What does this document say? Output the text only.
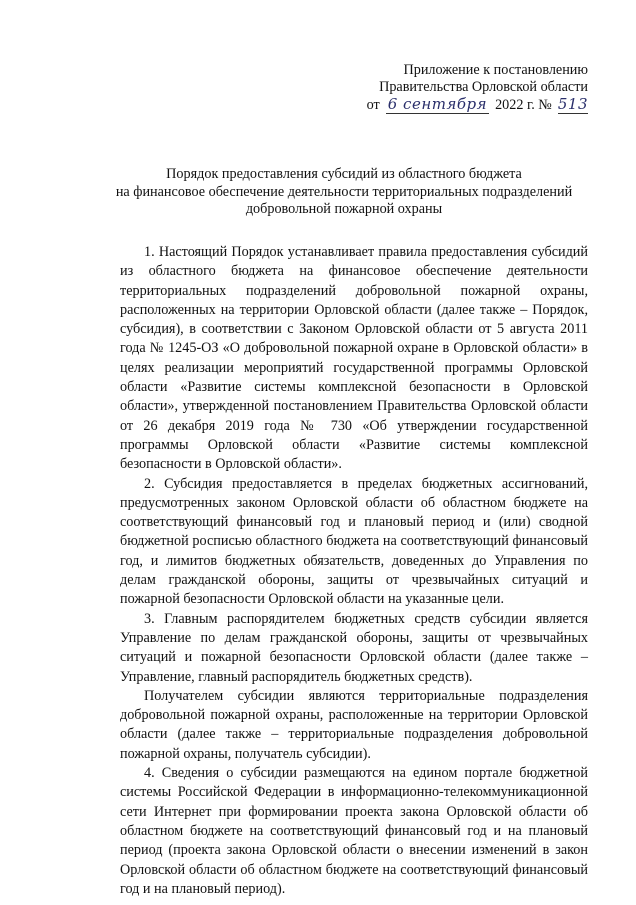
Приложение к постановлению
Правительства Орловской области
от 6 сентября 2022 г. № 513
Порядок предоставления субсидий из областного бюджета
на финансовое обеспечение деятельности территориальных подразделений
добровольной пожарной охраны

1. Настоящий Порядок устанавливает правила предоставления субсидий из областного бюджета на финансовое обеспечение деятельности территориальных подразделений добровольной пожарной охраны, расположенных на территории Орловской области (далее также – Порядок, субсидия), в соответствии с Законом Орловской области от 5 августа 2011 года № 1245-ОЗ «О добровольной пожарной охране в Орловской области» в целях реализации мероприятий государственной программы Орловской области «Развитие системы комплексной безопасности в Орловской области», утвержденной постановлением Правительства Орловской области от 26 декабря 2019 года № 730 «Об утверждении государственной программы Орловской области «Развитие системы комплексной безопасности в Орловской области».

2. Субсидия предоставляется в пределах бюджетных ассигнований, предусмотренных законом Орловской области об областном бюджете на соответствующий финансовый год и плановый период и (или) сводной бюджетной росписью областного бюджета на соответствующий финансовый год, и лимитов бюджетных обязательств, доведенных до Управления по делам гражданской обороны, защиты от чрезвычайных ситуаций и пожарной безопасности Орловской области на указанные цели.

3. Главным распорядителем бюджетных средств субсидии является Управление по делам гражданской обороны, защиты от чрезвычайных ситуаций и пожарной безопасности Орловской области (далее также – Управление, главный распорядитель бюджетных средств).

Получателем субсидии являются территориальные подразделения добровольной пожарной охраны, расположенные на территории Орловской области (далее также – территориальные подразделения добровольной пожарной охраны, получатель субсидии).

4. Сведения о субсидии размещаются на едином портале бюджетной системы Российской Федерации в информационно-телекоммуникационной сети Интернет при формировании проекта закона Орловской области об областном бюджете на соответствующий финансовый год и на плановый период (проекта закона Орловской области о внесении изменений в закон Орловской области об областном бюджете на соответствующий финансовый год и на плановый период).
